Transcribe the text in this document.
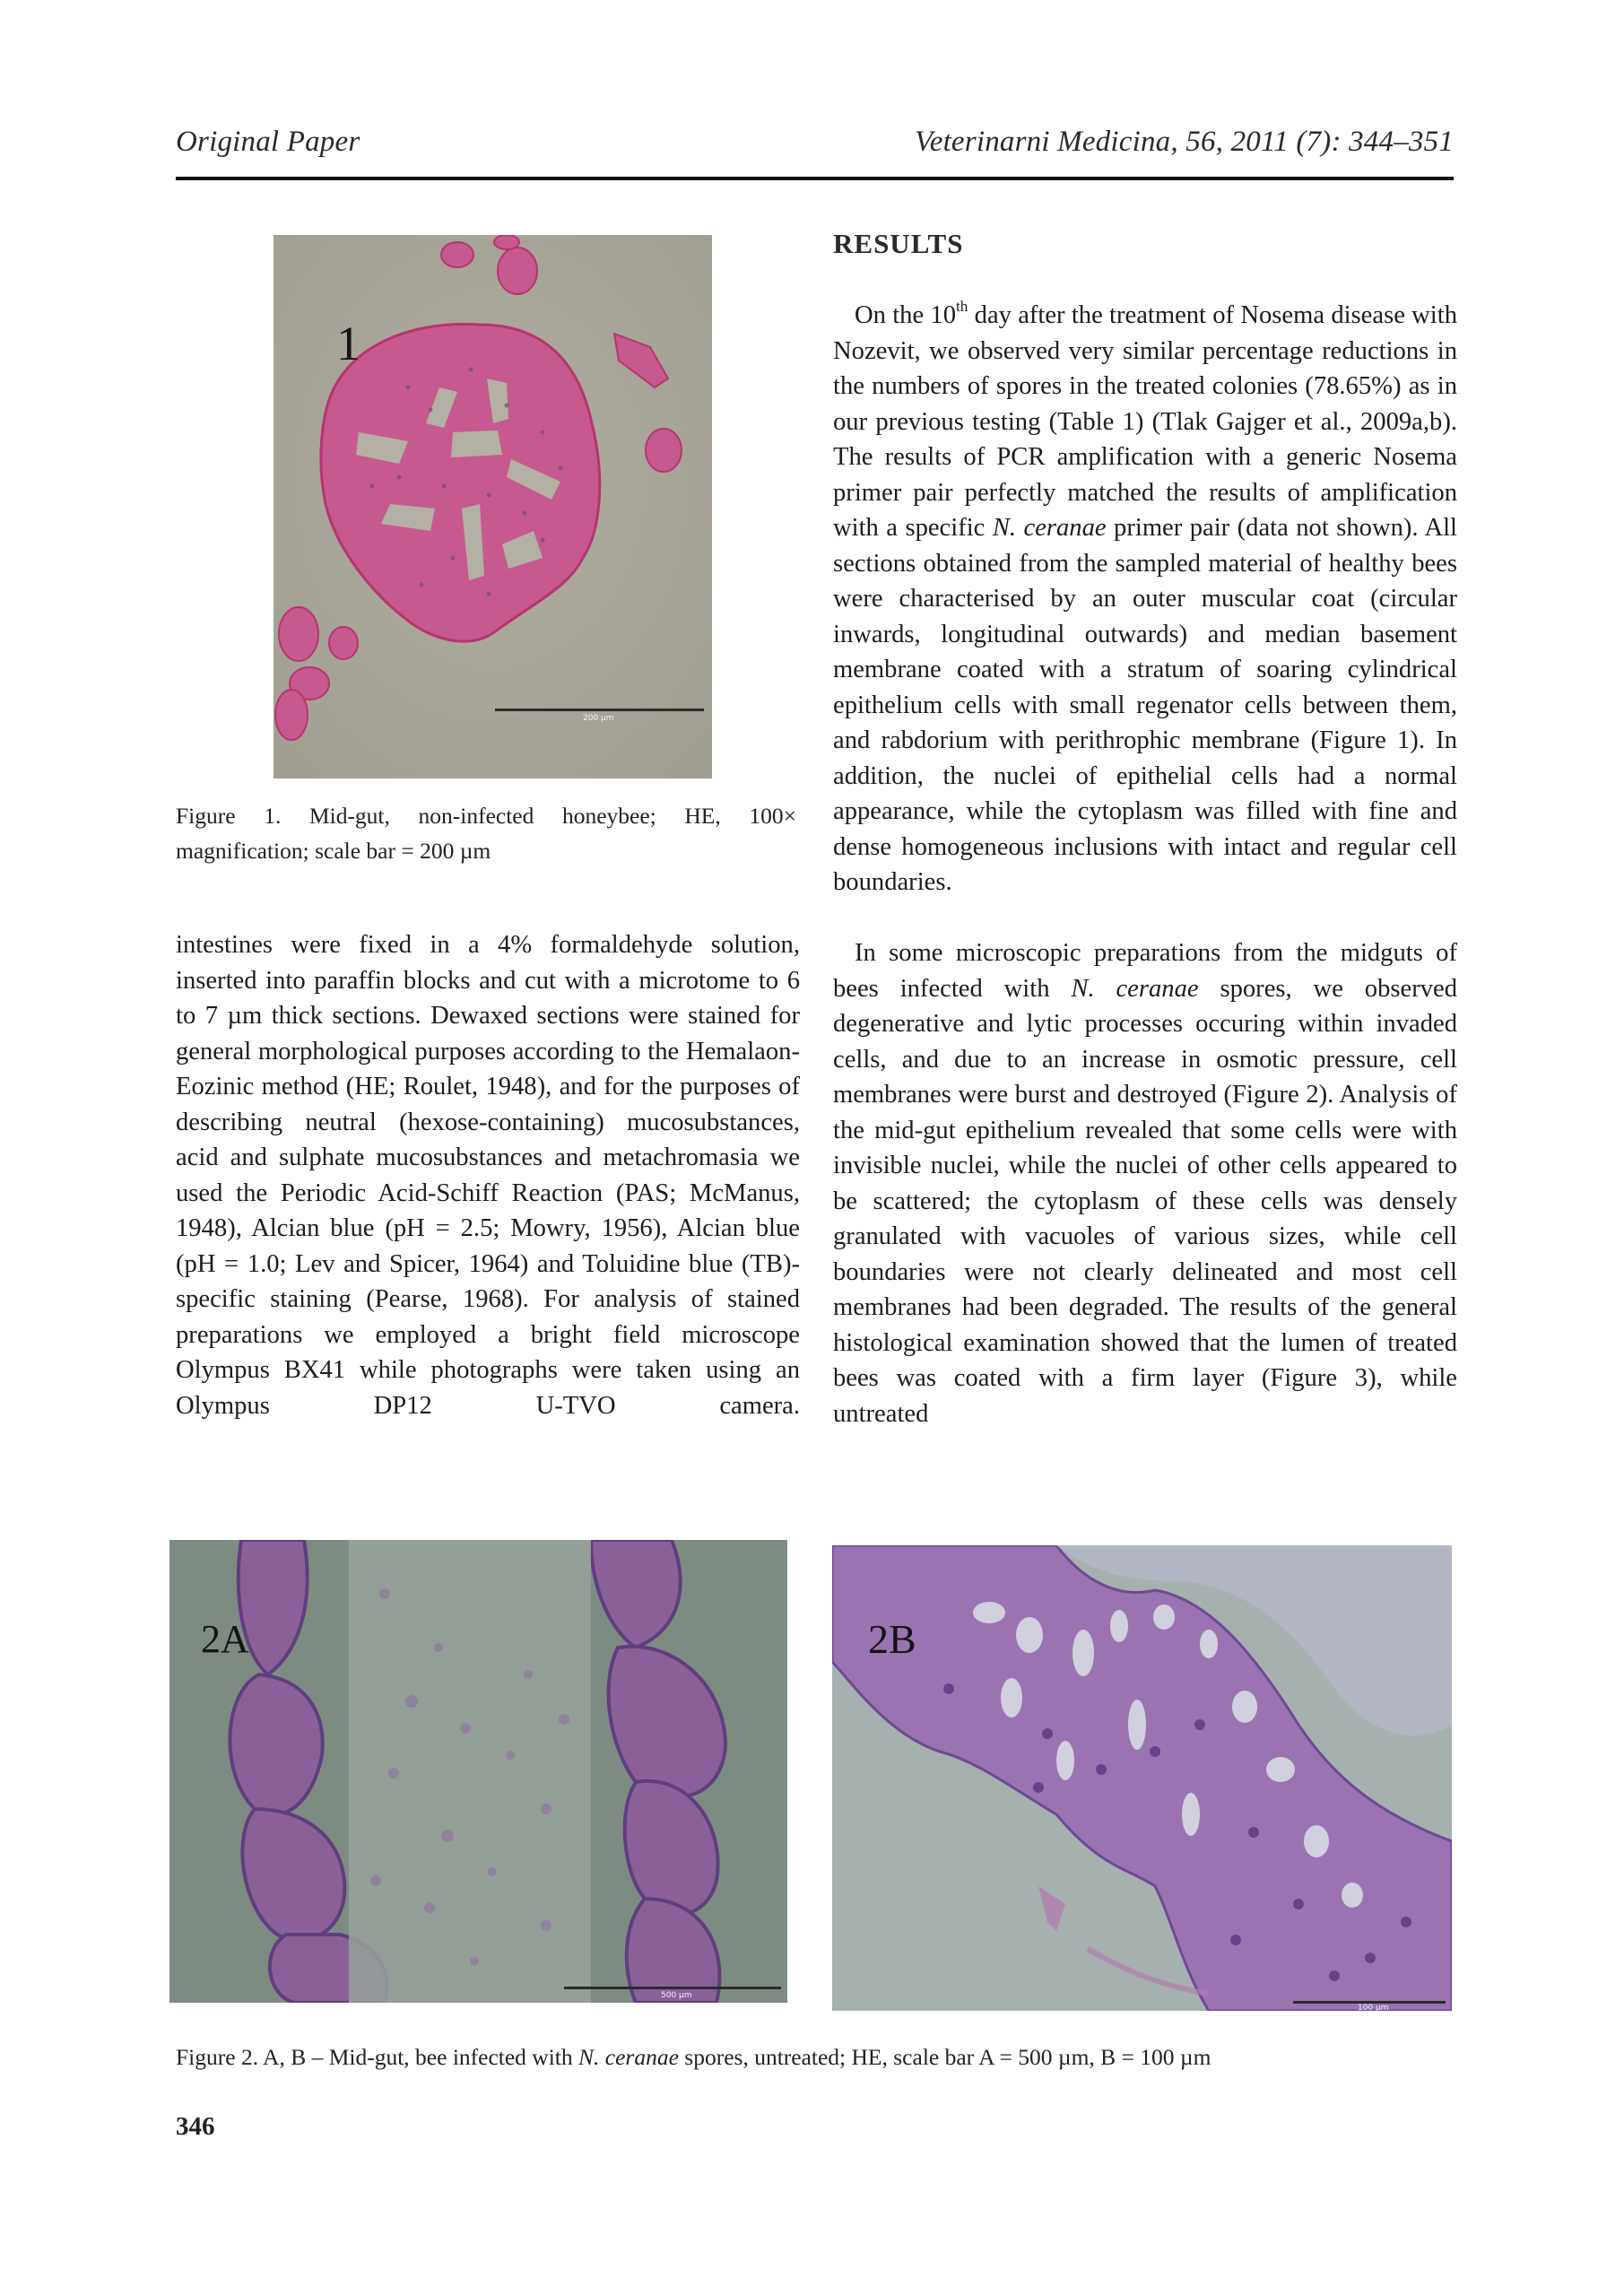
Original Paper	Veterinarni Medicina, 56, 2011 (7): 344–351
1
200 µm
Figure 1. Mid-gut, non-infected honeybee; HE, 100× magnification; scale bar = 200 µm
RESULTS

On the 10th day after the treatment of Nosema disease with Nozevit, we observed very similar percentage reductions in the numbers of spores in the treated colonies (78.65%) as in our previous testing (Table 1) (Tlak Gajger et al., 2009a,b). The results of PCR amplification with a generic Nosema primer pair perfectly matched the results of amplification with a specific N. ceranae primer pair (data not shown). All sections obtained from the sampled material of healthy bees were characterised by an outer muscular coat (circular inwards, longitudinal outwards) and median basement membrane coated with a stratum of soaring cylindrical epithelium cells with small regenator cells between them, and rabdorium with perithrophic membrane (Figure 1). In addition, the nuclei of epithelial cells had a normal appearance, while the cytoplasm was filled with fine and dense homogeneous inclusions with intact and regular cell boundaries.

In some microscopic preparations from the midguts of bees infected with N. ceranae spores, we observed degenerative and lytic processes occuring within invaded cells, and due to an increase in osmotic pressure, cell membranes were burst and destroyed (Figure 2). Analysis of the mid-gut epithelium revealed that some cells were with invisible nuclei, while the nuclei of other cells appeared to be scattered; the cytoplasm of these cells was densely granulated with vacuoles of various sizes, while cell boundaries were not clearly delineated and most cell membranes had been degraded. The results of the general histological examination showed that the lumen of treated bees was coated with a firm layer (Figure 3), while untreated

intestines were fixed in a 4% formaldehyde solution, inserted into paraffin blocks and cut with a microtome to 6 to 7 µm thick sections. Dewaxed sections were stained for general morphological purposes according to the Hemalaon-Eozinic method (HE; Roulet, 1948), and for the purposes of describing neutral (hexose-containing) mucosubstances, acid and sulphate mucosubstances and metachromasia we used the Periodic Acid-Schiff Reaction (PAS; McManus, 1948), Alcian blue (pH = 2.5; Mowry, 1956), Alcian blue (pH = 1.0; Lev and Spicer, 1964) and Toluidine blue (TB)-specific staining (Pearse, 1968). For analysis of stained preparations we employed a bright field microscope Olympus BX41 while photographs were taken using an Olympus DP12 U-TVO camera.

2A
500 µm
2B
100 µm
Figure 2. A, B – Mid-gut, bee infected with N. ceranae spores, untreated; HE, scale bar A = 500 µm, B = 100 µm
346
